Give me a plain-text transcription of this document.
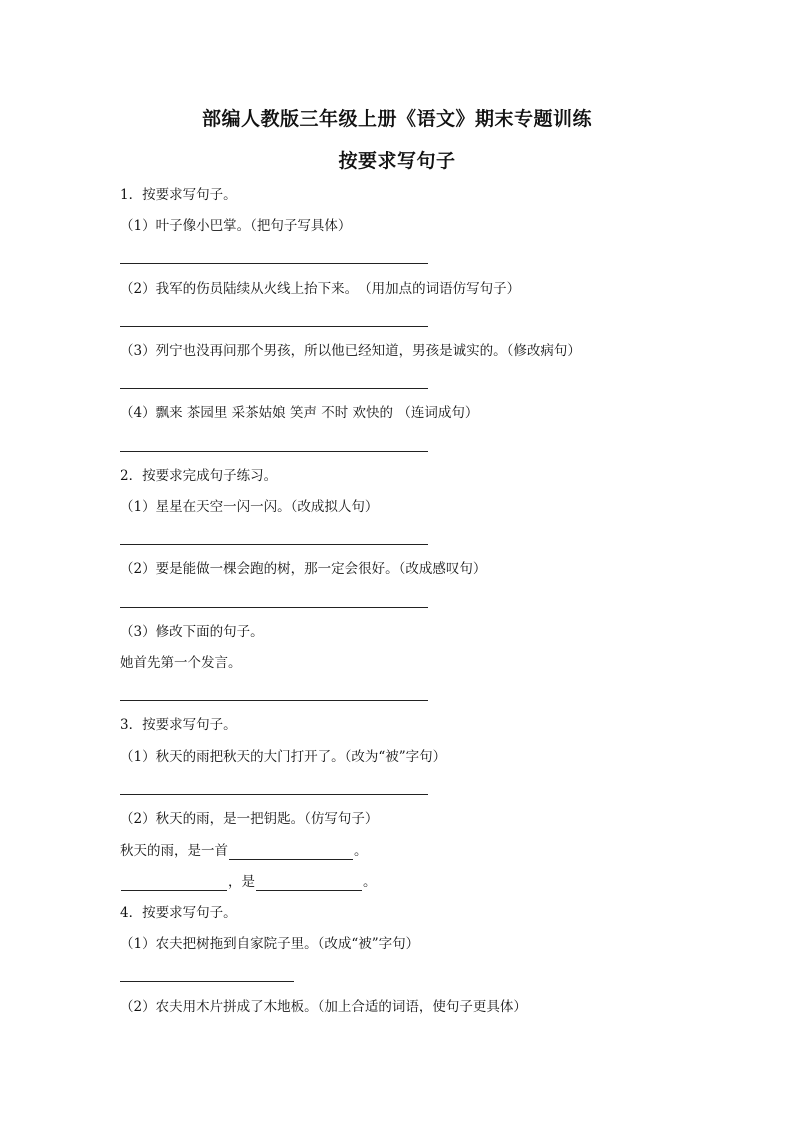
部编人教版三年级上册《语文》期末专题训练
按要求写句子
1．按要求写句子。
（1）叶子像小巴掌。（把句子写具体）
（2）我军的伤员陆续从火线上抬下来。　（用加点的词语仿写句子）
（3）列宁也没再问那个男孩，所以他已经知道，男孩是诚实的。（修改病句）
（4）飘来 茶园里 采茶姑娘 笑声 不时 欢快的 （连词成句）
2．按要求完成句子练习。
（1）星星在天空一闪一闪。（改成拟人句）
（2）要是能做一棵会跑的树，那一定会很好。（改成感叹句）
（3）修改下面的句子。
她首先第一个发言。
3．按要求写句子。
（1）秋天的雨把秋天的大门打开了。（改为“被”字句）
（2）秋天的雨，是一把钥匙。（仿写句子）
秋天的雨，是一首	。
，是	。
4．按要求写句子。
（1）农夫把树拖到自家院子里。（改成“被”字句）
（2）农夫用木片拼成了木地板。（加上合适的词语，使句子更具体）
